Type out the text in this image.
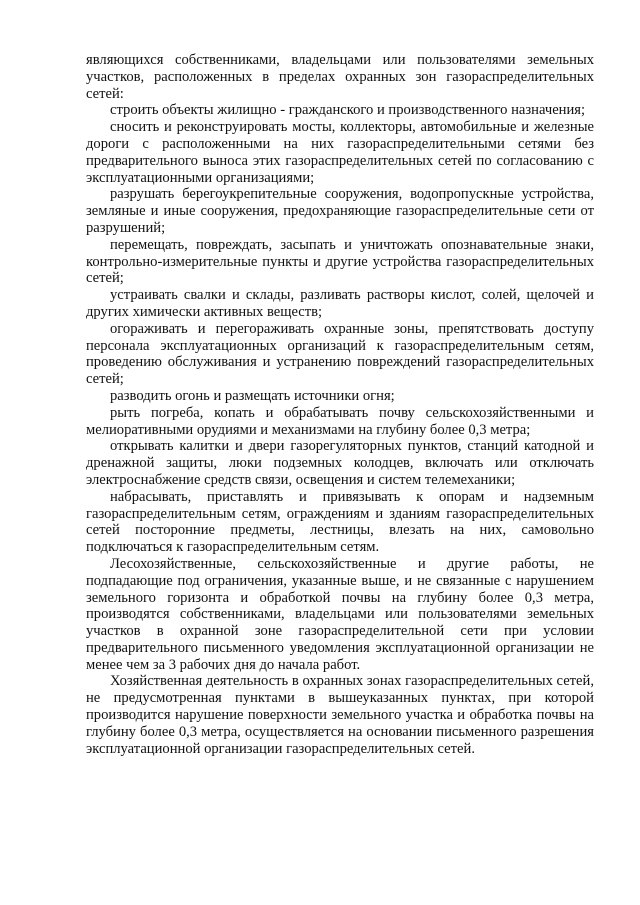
являющихся собственниками, владельцами или пользователями земельных участков, расположенных в пределах охранных зон газораспределительных сетей:

строить объекты жилищно - гражданского и производственного назначения;

сносить и реконструировать мосты, коллекторы, автомобильные и железные дороги с расположенными на них газораспределительными сетями без предварительного выноса этих газораспределительных сетей по согласованию с эксплуатационными организациями;

разрушать берегоукрепительные сооружения, водопропускные устройства, земляные и иные сооружения, предохраняющие газораспределительные сети от разрушений;

перемещать, повреждать, засыпать и уничтожать опознавательные знаки, контрольно-измерительные пункты и другие устройства газораспределительных сетей;

устраивать свалки и склады, разливать растворы кислот, солей, щелочей и других химически активных веществ;

огораживать и перегораживать охранные зоны, препятствовать доступу персонала эксплуатационных организаций к газораспределительным сетям, проведению обслуживания и устранению повреждений газораспределительных сетей;

разводить огонь и размещать источники огня;

рыть погреба, копать и обрабатывать почву сельскохозяйственными и мелиоративными орудиями и механизмами на глубину более 0,3 метра;

открывать калитки и двери газорегуляторных пунктов, станций катодной и дренажной защиты, люки подземных колодцев, включать или отключать электроснабжение средств связи, освещения и систем телемеханики;

набрасывать, приставлять и привязывать к опорам и надземным газораспределительным сетям, ограждениям и зданиям газораспределительных сетей посторонние предметы, лестницы, влезать на них, самовольно подключаться к газораспределительным сетям.

Лесохозяйственные, сельскохозяйственные и другие работы, не подпадающие под ограничения, указанные выше, и не связанные с нарушением земельного горизонта и обработкой почвы на глубину более 0,3 метра, производятся собственниками, владельцами или пользователями земельных участков в охранной зоне газораспределительной сети при условии предварительного письменного уведомления эксплуатационной организации не менее чем за 3 рабочих дня до начала работ.

Хозяйственная деятельность в охранных зонах газораспределительных сетей, не предусмотренная пунктами в вышеуказанных пунктах, при которой производится нарушение поверхности земельного участка и обработка почвы на глубину более 0,3 метра, осуществляется на основании письменного разрешения эксплуатационной организации газораспределительных сетей.
